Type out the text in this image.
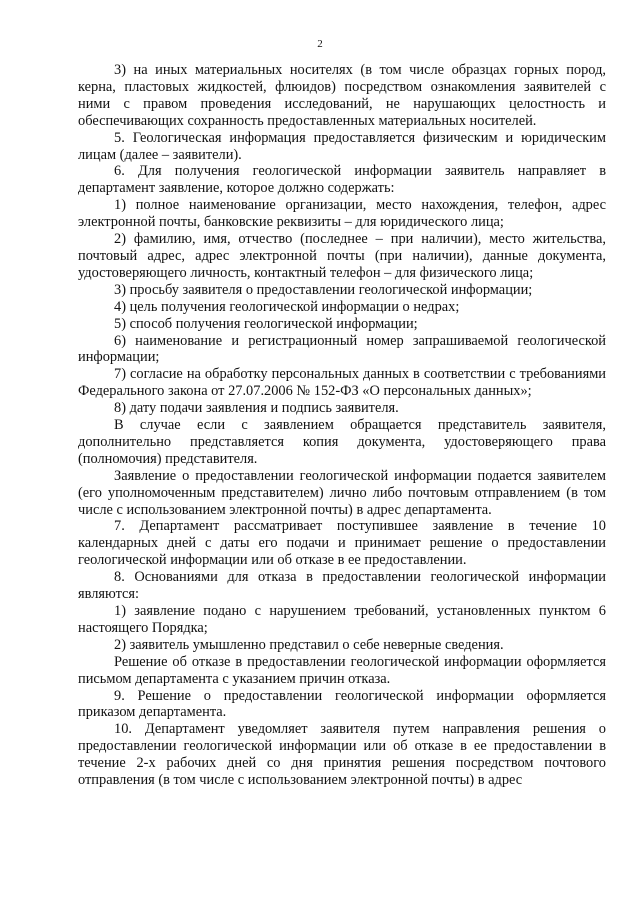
2

3) на иных материальных носителях (в том числе образцах горных пород, керна, пластовых жидкостей, флюидов) посредством ознакомления заявителей с ними с правом проведения исследований, не нарушающих целостность и обеспечивающих сохранность предоставленных материальных носителей.

5. Геологическая информация предоставляется физическим и юридическим лицам (далее – заявители).

6. Для получения геологической информации заявитель направляет в департамент заявление, которое должно содержать:

1) полное наименование организации, место нахождения, телефон, адрес электронной почты, банковские реквизиты – для юридического лица;

2) фамилию, имя, отчество (последнее – при наличии), место жительства, почтовый адрес, адрес электронной почты (при наличии), данные документа, удостоверяющего личность, контактный телефон – для физического лица;

3) просьбу заявителя о предоставлении геологической информации;

4) цель получения геологической информации о недрах;

5) способ получения геологической информации;

6) наименование и регистрационный номер запрашиваемой геологической информации;

7) согласие на обработку персональных данных в соответствии с требованиями Федерального закона от 27.07.2006 № 152-ФЗ «О персональных данных»;

8) дату подачи заявления и подпись заявителя.

В случае если с заявлением обращается представитель заявителя, дополнительно представляется копия документа, удостоверяющего права (полномочия) представителя.

Заявление о предоставлении геологической информации подается заявителем (его уполномоченным представителем) лично либо почтовым отправлением (в том числе с использованием электронной почты) в адрес департамента.

7. Департамент рассматривает поступившее заявление в течение 10 календарных дней с даты его подачи и принимает решение о предоставлении геологической информации или об отказе в ее предоставлении.

8. Основаниями для отказа в предоставлении геологической информации являются:

1) заявление подано с нарушением требований, установленных пунктом 6 настоящего Порядка;

2) заявитель умышленно представил о себе неверные сведения.

Решение об отказе в предоставлении геологической информации оформляется письмом департамента с указанием причин отказа.

9. Решение о предоставлении геологической информации оформляется приказом департамента.

10. Департамент уведомляет заявителя путем направления решения о предоставлении геологической информации или об отказе в ее предоставлении в течение 2-х рабочих дней со дня принятия решения посредством почтового отправления (в том числе с использованием электронной почты) в адрес
